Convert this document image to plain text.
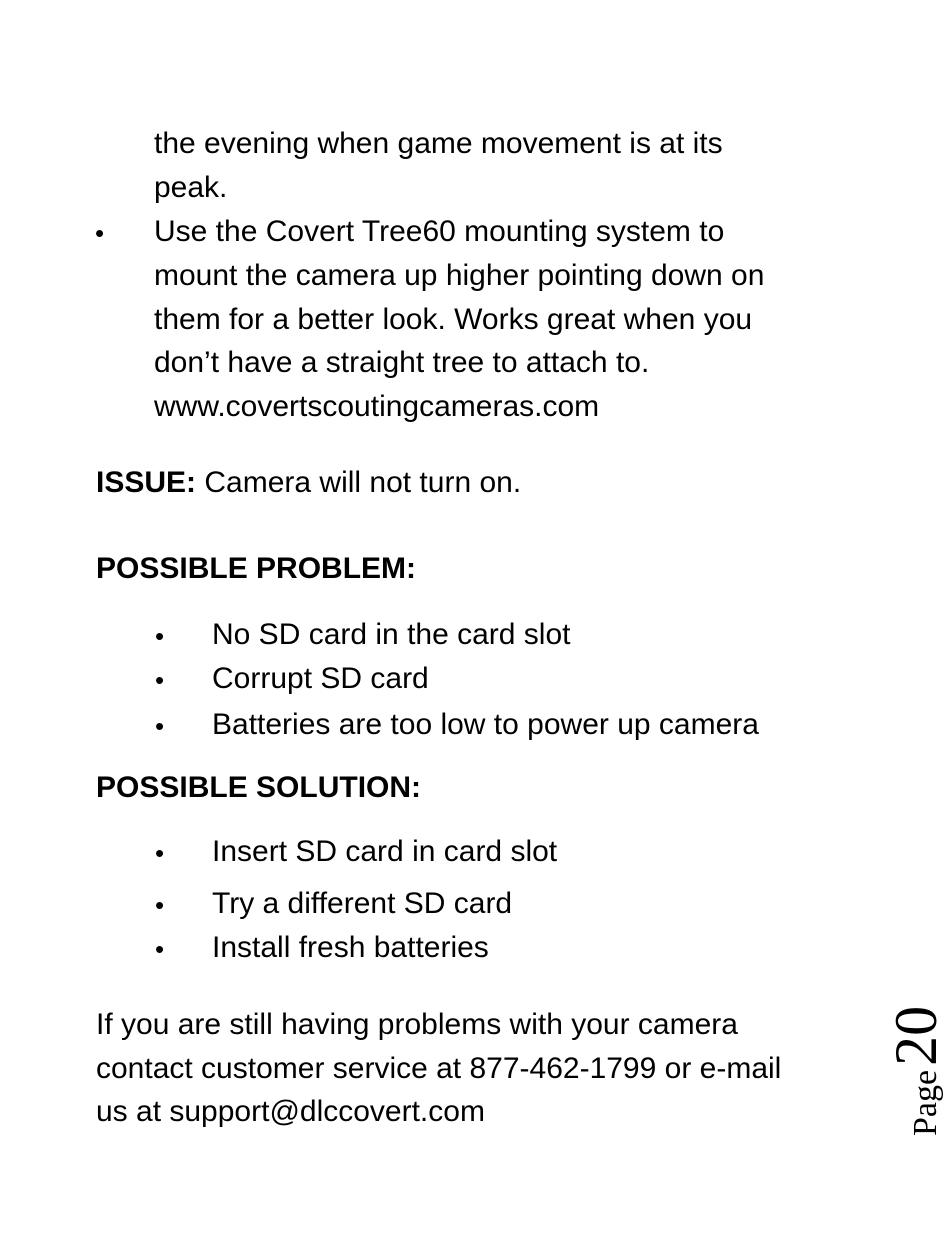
the evening when game movement is at its
peak.
• Use the Covert Tree60 mounting system to
mount the camera up higher pointing down on
them for a better look. Works great when you
don’t have a straight tree to attach to.
www.covertscoutingcameras.com
ISSUE: Camera will not turn on.
POSSIBLE PROBLEM:
• No SD card in the card slot
• Corrupt SD card
• Batteries are too low to power up camera
POSSIBLE SOLUTION:
• Insert SD card in card slot
• Try a different SD card
• Install fresh batteries
If you are still having problems with your camera
contact customer service at 877-462-1799 or e-mail
us at support@dlccovert.com	Page20
